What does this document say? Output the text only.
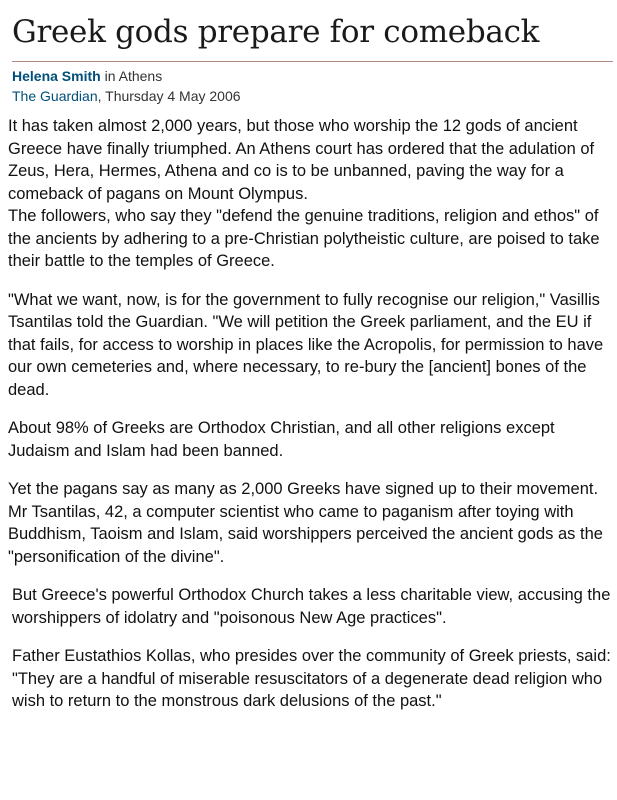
Greek gods prepare for comeback
Helena Smith in Athens
The Guardian, Thursday 4 May 2006
It has taken almost 2,000 years, but those who worship the 12 gods of ancient Greece have finally triumphed. An Athens court has ordered that the adulation of Zeus, Hera, Hermes, Athena and co is to be unbanned, paving the way for a comeback of pagans on Mount Olympus.
The followers, who say they "defend the genuine traditions, religion and ethos" of the ancients by adhering to a pre-Christian polytheistic culture, are poised to take their battle to the temples of Greece.

"What we want, now, is for the government to fully recognise our religion," Vasillis Tsantilas told the Guardian. "We will petition the Greek parliament, and the EU if that fails, for access to worship in places like the Acropolis, for permission to have our own cemeteries and, where necessary, to re-bury the [ancient] bones of the dead.

About 98% of Greeks are Orthodox Christian, and all other religions except Judaism and Islam had been banned.

Yet the pagans say as many as 2,000 Greeks have signed up to their movement. Mr Tsantilas, 42, a computer scientist who came to paganism after toying with Buddhism, Taoism and Islam, said worshippers perceived the ancient gods as the "personification of the divine".

But Greece's powerful Orthodox Church takes a less charitable view, accusing the worshippers of idolatry and "poisonous New Age practices".

Father Eustathios Kollas, who presides over the community of Greek priests, said: "They are a handful of miserable resuscitators of a degenerate dead religion who wish to return to the monstrous dark delusions of the past."
